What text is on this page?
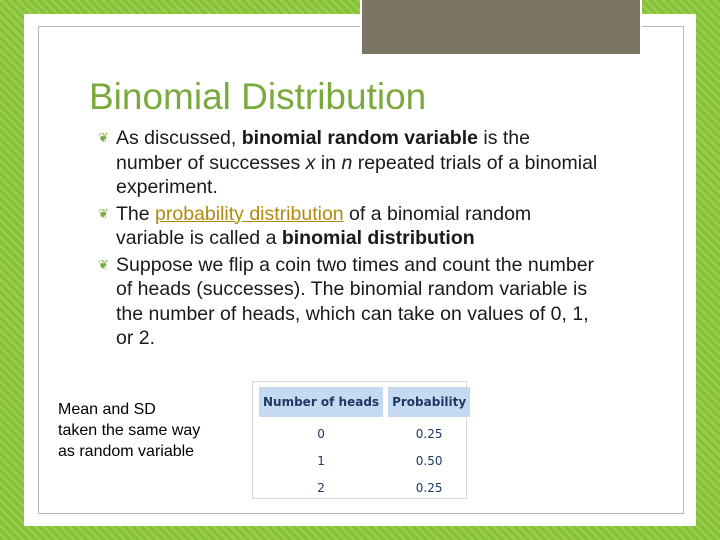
Binomial Distribution
❦ As discussed, binomial random variable is the number of successes x in n repeated trials of a binomial experiment.
❦ The probability distribution of a binomial random variable is called a binomial distribution
❦ Suppose we flip a coin two times and count the number of heads (successes). The binomial random variable is the number of heads, which can take on values of 0, 1, or 2.
Mean and SD
taken the same way
as random variable
Number of heads	Probability
0	0.25
1	0.50
2	0.25
